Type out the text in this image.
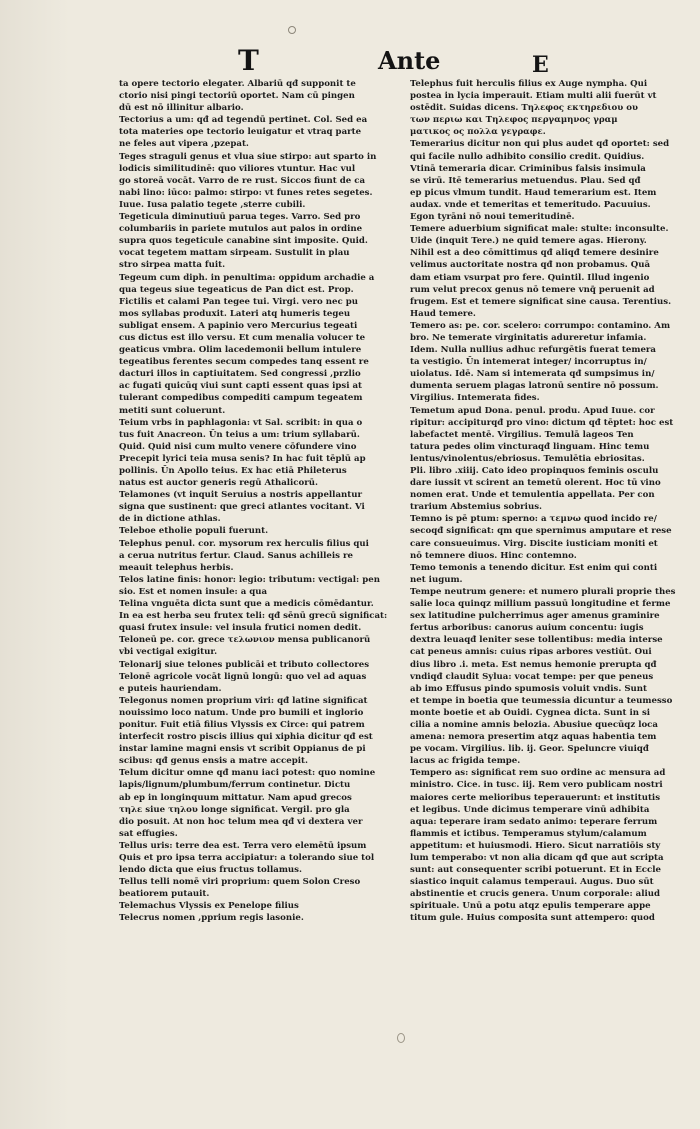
T	Ante	E
ta opere tectorio elegater. Albariū qđ supponit te
ctorio nisi pingi tectoriū oportet. Nam cū pingen
dū est nō illinitur albario.
Tectorius a um: qđ ad tegendū pertinet. Col. Sed ea
tota materies ope tectorio leuigatur et vtraq parte
ne feles aut vipera ,pzepat.
Teges straguli genus et vlua siue stirpo: aut sparto in
lodicis similitudinē: quo viliores vtuntur. Hac vul
go storeā vocāt. Varro de re rust. Siccos fiunt de ca
nabi lino: iūco: palmo: stirpo: vt funes retes segetes.
Iuue. Iusa palatio tegete ,sterre cubili.
Tegeticula diminutiuū parua teges. Varro. Sed pro
columbariis in pariete mutulos aut palos in ordine
supra quos tegeticule canabine sint imposite. Quid.
vocat tegetem mattam sirpeam. Sustulit in plau
stro sirpea matta fuit.
Tegeum cum diph. in penultima: oppidum archadie a
qua tegeus siue tegeaticus de Pan dict est. Prop.
Fictilis et calami Pan tegee tui. Virgi. vero nec pu
mos syllabas produxit. Lateri atq humeris tegeu
subligat ensem. A papinio vero Mercurius tegeati
cus dictus est illo versu. Et cum menalia volucer te
geaticus vmbra. Olim lacedemonii bellum intulere
tegeatibus ferentes secum compedes tanq essent re
dacturi illos in captiuitatem. Sed congressi ,przlio
ac fugati quicūq viui sunt capti essent quas ipsi at
tulerant compedibus compediti campum tegeatem
metiti sunt coluerunt.
Teium vrbs in paphlagonia: vt Sal. scribit: in qua o
tus fuit Anacreon. Ūn teius a um: trium syllabarū.
Quid. Quid nisi cum multo venere cōfundere vino
Precepit lyrici teia musa senis? In hac fuit tēplū ap
pollinis. Ūn Apollo teius. Ex hac etiā Phileterus
natus est auctor generis regū Athalicorū.
Telamones (vt inquit Seruius a nostris appellantur
signa que sustinent: que greci atlantes vocitant. Vi
de in dictione athlas.
Teleboe etholie populi fuerunt.
Telephus penul. cor. mysorum rex herculis filius qui
a cerua nutritus fertur. Claud. Sanus achilleis re
meauit telephus herbis.
Telos latine finis: honor: legio: tributum: vectigal: pen
sio. Est et nomen insule: a qua
Telina vnguēta dicta sunt que a medicis cōmēdantur.
In ea est herba seu frutex teli: qđ sēnū grecū significat:
quasi frutex insule: vel insula frutici nomen dedit.
Teloneū pe. cor. grece τελωνιον mensa publicanorū
vbi vectigal exigitur.
Telonarij siue telones publicāi et tributo collectores
Telonē agricole vocāt lignū longū: quo vel ad aquas
e puteis hauriendam.
Telegonus nomen proprium viri: qđ latine significat
nouissimo loco natum. Unde pro bumili et inglorio
ponitur. Fuit etiā filius Vlyssis ex Circe: qui patrem
interfecit rostro piscis illius qui xiphia dicitur qđ est
instar lamine magni ensis vt scribit Oppianus de pi
scibus: qđ genus ensis a matre accepit.
Telum dicitur omne qđ manu iaci potest: quo nomine
lapis/lignum/plumbum/ferrum continetur. Dictu
ab ep in longinquum mittatur. Nam apud grecos
τηλε siue τηλου longe significat. Vergil. pro gla
dio posuit. At non hoc telum mea qđ vi dextera ver
sat effugies.
Tellus uris: terre dea est. Terra vero elemētū ipsum
Quis et pro ipsa terra accipiatur: a tolerando siue tol
lendo dicta que eius fructus tollamus.
Tellus telli nomē viri proprium: quem Solon Creso
beatiorem putauit.
Telemachus Vlyssis ex Penelope filius
Telecrus nomen ,pprium regis lasonie.
Telephus fuit herculis filius ex Auge nympha. Qui
postea in lycia imperauit. Etiam multi alii fuerūt vt
ostēdit. Suidas dicens. Τηλεφος εκτηρεδιου ου
των περιω και Τηλεφος περγαμηνος γραμ
ματικος ος πολλα γεγραφε.
Temerarius dicitur non qui plus audet qđ oportet: sed
qui facile nullo adhibito consilio credit. Quidius.
Vtinā temeraria dicar. Criminibus falsis insimula
se virū. Itē temerarius metuendus. Plau. Sed qđ
ep picus vlmum tundit. Haud temerarium est. Item
audax. vnde et temeritas et temeritudo. Pacuuius.
Egon tyrāni nō noui temeritudinē.
Temere aduerbium significat male: stulte: inconsulte.
Uide (inquit Tere.) ne quid temere agas. Hierony.
Nihil est a deo cōmittimus qđ aliqđ temere desinire
velimus auctoritate nostra qđ non probamus. Quā
dam etiam vsurpat pro fere. Quintil. Illud ingenio
rum velut precox genus nō temere vnq̄ peruenit ad
frugem. Est et temere significat sine causa. Terentius.
Haud temere.
Temero as: pe. cor. scelero: corrumpo: contamino. Am
bro. Ne temerate virginitatis adureretur infamia.
Idem. Nulla nullius adhuc refurgētis fuerat temera
ta vestigio. Ūn intemerat integer/ incorruptus in/
uiolatus. Idē. Nam si intemerata qđ sumpsimus in/
dumenta seruem plagas latronū sentire nō possum.
Virgilius. Intemerata fides.
Temetum apud Dona. penul. produ. Apud Iuue. cor
ripitur: accipiturqđ pro vino: dictum qđ tēptet: hoc est
labefactet mentē. Virgilius. Temulā lageos Ten
tatura pedes olim vincturaqđ linguam. Hinc temu
lentus/vinolentus/ebriosus. Temulētia ebriositas.
Pli. libro .xiiij. Cato ideo propinquos feminis osculu
dare iussit vt scirent an temetū olerent. Hoc tū vino
nomen erat. Unde et temulentia appellata. Per con
trarium Abstemius sobrius.
Temno is pē ptum: sperno: a τεμνω quod incido re/
secoqđ significat: qm que spernimus amputare et rese
care consueuimus. Virg. Discite iusticiam moniti et
nō temnere diuos. Hinc contemno.
Temo temonis a tenendo dicitur. Est enim qui conti
net iugum.
Tempe neutrum genere: et numero plurali proprie thes
salie loca quinqz millium passuū longitudine et ferme
sex latitudine pulcherrimus ager amenus graminire
fertus arboribus: canorus auium concentu: iugis
dextra leuaqđ leniter sese tollentibus: media interse
cat peneus amnis: cuius ripas arbores vestiūt. Oui
dius libro .i. meta. Est nemus hemonie prerupta qđ
vndiqđ claudit Sylua: vocat tempe: per que peneus
ab imo Effusus pindo spumosis voluit vndis. Sunt
et tempe in boetia que teumessia dicuntur a teumesso
monte boetie et ab Ouidi. Cygnea dicta. Sunt in si
cilia a nomine amnis belozia. Abusiue quecūqz loca
amena: nemora presertim atqz aquas habentia tem
pe vocam. Virgilius. lib. ij. Geor. Speluncre viuiqđ
lacus ac frigida tempe.
Tempero as: significat rem suo ordine ac mensura ad
ministro. Cice. in tusc. iij. Rem vero publicam nostri
maiores certe melioribus teperauerunt: et institutis
et legibus. Unde dicimus temperare vinū adhibita
aqua: teperare iram sedato animo: teperare ferrum
flammis et ictibus. Temperamus stylum/calamum
appetitum: et huiusmodi. Hiero. Sicut narratiōis sty
lum temperabo: vt non alia dicam qđ que aut scripta
sunt: aut consequenter scribi potuerunt. Et in Eccle
siastico inquit calamus temperaui. Augus. Duo sūt
abstinentie et crucis genera. Unum corporale: aliud
spirituale. Unū a potu atqz epulis temperare appe
titum gule. Huius composita sunt attempero: quod
